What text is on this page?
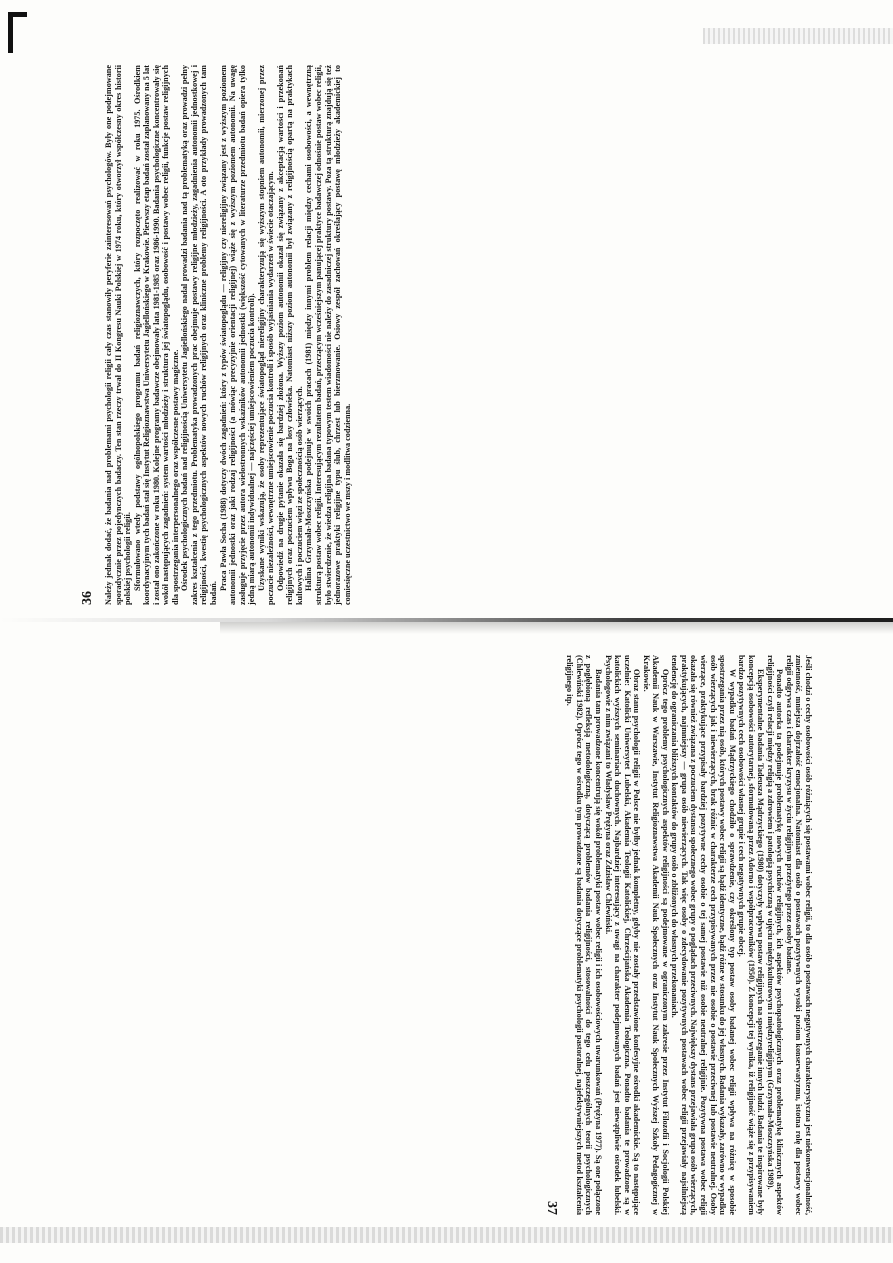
36	Należy jednak dodać, że badania nad problemami psychologii religii cały czas stanowiły peryferie zainteresowań psychologów. Były one podejmowane sporadycznie przez pojedynczych badaczy. Ten stan rzeczy trwał do II Kongresu Nauki Polskiej w 1974 roku, który otworzył współczesny okres historii polskiej psychologii religii. Sformułowano wtedy podstawy ogólnopolskiego programu badań religioznawczych, który rozpoczęto realizować w roku 1975. Ośrodkiem koordynacyjnym tych badań stał się Instytut Religioznawstwa Uniwersytetu Jagiellońskiego w Krakowie. Pierwszy etap badań został zaplanowany na 5 lat i został ono zakończone w roku 1980. Kolejne programy badawcze obejmowały lata 1981-1985 oraz 1986-1990. Badania psychologiczne koncentrowały się wokół następujących zagadnień: system wartości młodzieży i struktura jej światopoglądu, osobowość i postawy wobec religii, funkcje postaw religijnych dla spostrzegania interpersonalnego oraz współczesne postawy magiczne. Ośrodek psychologicznych badań nad religijnością Uniwersytetu Jagiellońskiego nadal prowadzi badania nad tą problematyką oraz prowadzi pełny zakres kształcenia z tego przedmiotu. Problematyka prowadzonych prac obejmuje postawy religijne młodzieży, zagadnienia autonomii jednostkowej i religijności, kwestię psychologicznych aspektów nowych ruchów religijnych oraz kliniczne problemy religijności. A oto przykłady prowadzonych tam badań.

Praca Pawła Socha (1988) dotyczy dwóch zagadnień: który z typów światopoglądu — religijny czy niereligijny związany jest z wyższym poziomem autonomii jednostki oraz jaki rodzaj religijności (a mówiąc precyzyjnie orientacji religijnej) wiąże się z wyższym poziomem autonomii. Na uwagę zasługuje przyjęcie przez autora wielostronnych wskaźników autonomii jednostki (większość cytowanych w literaturze przedmiotu badań opiera tylko jedną miarą autonomii indywidualnej — najczęściej umiejscowieniem poczucia kontroli). Uzyskane wyniki wskazują, że osoby reprezentujące światopogląd niereligijny charakteryzują się wyższym stopniem autonomii, mierzonej przez poczucie niezależności, wewnętrzne umiejscowienie poczucia kontroli i sposób wyjaśniania wydarzeń w świecie otaczającym. Odpowiedź na drugie pytanie okazała się bardziej złożona. Wyższy poziom autonomii okazał się związany z akceptacją wartości i przekonań religijnych oraz poczuciem wpływu Boga na losy człowieka. Natomiast niższy poziom autonomii był związany z religijnością opartą na praktykach kultowych i poczuciem więzi ze społecznością osób wierzących. Halina Grzymała-Moszczyńska podejmuje w swoich pracach (1981) między innymi problem relacji między cechami osobowości, a wewnętrzną strukturą postaw wobec religii. Interesującym rezultatem badań, przeczącym wcześniejszym panującej praktyce badawczej odnośnie postaw wobec religii, było stwierdzenie, że wiedza religijna badana typowym testem wiadomości nie należy do zasadniczej struktury postawy. Poza tą strukturą znajdują się też jednorazowe praktyki religijne typu ślub, chrzest lub bierzmowanie. Osiowy zespół zachowań określający postawę młodzieży akademickiej to comiesięczne uczestnictwo we mszy i modlitwa codzienna.

Jeśli chodzi o cechy osobowości osób różniących się postawami wobec religii, to dla osób o postawach negatywnych charakterystyczna jest niekonwencjonalność, zmienność, mniejsza dojrzałość emocjonalna. Natomiast dla osób o postawach pozytywnych wysoki poziom konserwatyzmu, istotna rolę dla postawy wobec religii odgrywa czas i charakter kryzysu w życiu religijnym przeżytego przez osoby badane.

Ponadto autorka ta podejmuje problematykę nowych ruchów religijnych, ich aspektów psychopatologicznych oraz problematykę klinicznych aspektów religijności czyli relacji między religią a zdrowiem i patologią psychiczną w ujęciu międzykulturowym i międzyreligijnym (Grzymała-Moszczyńska 1989).

Eksperymentalne badania Tadeusza Mądrzyckiego (1980) dotyczyły wpływu postaw religijnych na spostrzeganie innych ludzi. Badania te inspirowane były koncepcją osobowości autorytarnej, sformułowaną przez Adorno i współpracowników (1950). Z koncepcji tej wynika, iż religijność wiąże się z przypisywaniem bardzo pozytywnych cech osobowości własnej grupie i cech negatywnych grupie obcej.

W wypadku badań Mądrzyckiego chodziło o sprawdzenie, czy określony typ postaw osoby badanej wobec religii wpływa na różnicę w sposobie spostrzegania przez nią osób, których postawy wobec religii są bądź identyczne, bądź różne w stosunku do jej własnych. Badania wykazały, zarówno w wypadku osób wierzących jak i niewierzących, brak różnic w charakterze cech przypisywanych przez nie osobie o postawie przeciwnej lub postawie neutralnej. Osoby wierzące, praktykujące przypisały bardziej pozytywne cechy osobie o tej samej postawie niż osobie neutralnej religijnie. Pozytywna postawa wobec religii okazała się również związana z poczuciem dystansu społecznego wobec grupy o poglądach przeciwnych. Największy dystans przejawiała grupa osób wierzących, praktykujących, najmniejszy — grupa osób niewierzących. Tak więc osoby o zdecydowanie pozytywnych postawach wobec religii przejawiały najsilniejszą tendencję do ograniczania bliższych kontaktów do grupy osób o zbliżonych do własnych przekonaniach.

Oprócz tego problemy psychologicznych aspektów religijności są podejmowane w ograniczonym zakresie przez Instytut Filozofii i Socjologii Polskiej Akademii Nauk w Warszawie, Instytut Religioznawstwa Akademii Nauk Społecznych oraz Instytut Nauk Społecznych Wyższej Szkoły Pedagogicznej w Krakowie.

Obraz stanu psychologii religii w Polsce nie byłby jednak kompletny, gdyby nie zostały przedstawione konfesyjne ośrodki akademickie. Są to następujące uczelnie: Katolicki Uniwersytet Lubelski, Akademia Teologii Katolickiej, Chrześcijańska Akademia Teologiczna. Ponadto badania te prowadzone są w katolickich wyższych seminariach duchownych. Najbardziej interesujący z uwagi na charakter podejmowanych badań jest niewątpliwie ośrodek lubelski. Psychologowie z nim związani to Władysław Prężyna oraz Zdzisław Chlewiński.

Badania tam prowadzone koncentrują się wokół problematyki postaw wobec religii i ich osobowościowych uwarunkowań (Prężyna 1977). Są one połączone z pogłębioną refleksją metodologiczną, dotyczącą problemów badania religijności, stosowalności do tego celu poszczególnych teorii psychologicznych (Chlewiński 1982). Oprócz tego w ośrodku tym prowadzone są badania dotyczące problematyki psychologii pastoralnej, najefektywniejszych metod kształcenia religijnego itp.

37
